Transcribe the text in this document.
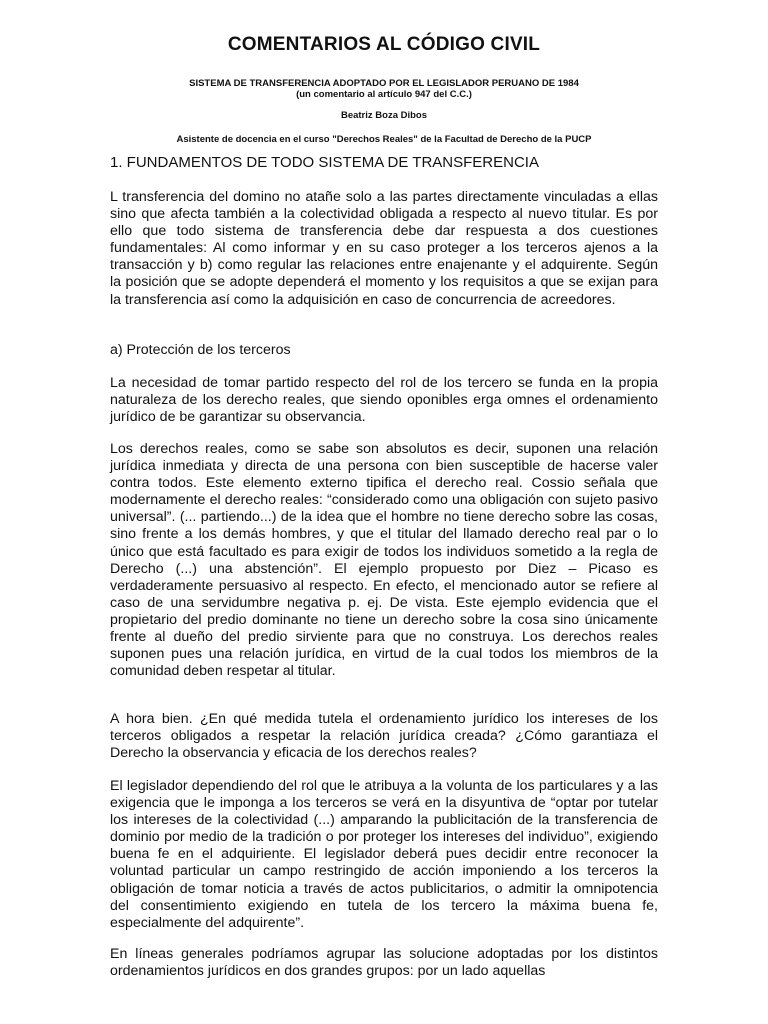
COMENTARIOS AL CÓDIGO CIVIL
SISTEMA DE TRANSFERENCIA ADOPTADO POR EL LEGISLADOR PERUANO DE 1984
(un comentario al artículo 947 del C.C.)
Beatriz Boza Dibos
Asistente de docencia en el curso "Derechos Reales" de la Facultad de Derecho de la PUCP
1. FUNDAMENTOS DE TODO SISTEMA DE TRANSFERENCIA

L transferencia del domino no atañe solo a las partes directamente vinculadas a ellas sino que afecta también a la colectividad obligada a respecto al nuevo titular. Es por ello que todo sistema de transferencia debe dar respuesta a dos cuestiones fundamentales: Al como informar y en su caso proteger a los terceros ajenos a la transacción y b) como regular las relaciones entre enajenante y el adquirente. Según la posición que se adopte dependerá el momento y los requisitos a que se exijan para la transferencia así como la adquisición en caso de concurrencia de acreedores.

a) Protección de los terceros

La necesidad de tomar partido respecto del rol de los tercero se funda en la propia naturaleza de los derecho reales, que siendo oponibles erga omnes el ordenamiento jurídico de be garantizar su observancia.

Los derechos reales, como se sabe son absolutos es decir, suponen una relación jurídica inmediata y directa de una persona con bien susceptible de hacerse valer contra todos. Este elemento externo tipifica el derecho real. Cossio señala que modernamente el derecho reales: “considerado como una obligación con sujeto pasivo universal”. (... partiendo...) de la idea que el hombre no tiene derecho sobre las cosas, sino frente a los demás hombres, y que el titular del llamado derecho real par o lo único que está facultado es para exigir de todos los individuos sometido a la regla de Derecho (...) una abstención”. El ejemplo propuesto por Diez – Picaso es verdaderamente persuasivo al respecto. En efecto, el mencionado autor se refiere al caso de una servidumbre negativa p. ej. De vista. Este ejemplo evidencia que el propietario del predio dominante no tiene un derecho sobre la cosa sino únicamente frente al dueño del predio sirviente para que no construya. Los derechos reales suponen pues una relación jurídica, en virtud de la cual todos los miembros de la comunidad deben respetar al titular.

A hora bien. ¿En qué medida tutela el ordenamiento jurídico los intereses de los terceros obligados a respetar la relación jurídica creada? ¿Cómo garantiaza el Derecho la observancia y eficacia de los derechos reales?

El legislador dependiendo del rol que le atribuya a la volunta de los particulares y a las exigencia que le imponga a los terceros se verá en la disyuntiva de “optar por tutelar los intereses de la colectividad (...) amparando la publicitación de la transferencia de dominio por medio de la tradición o por proteger los intereses del individuo”, exigiendo buena fe en el adquiriente. El legislador deberá pues decidir entre reconocer la voluntad particular un campo restringido de acción imponiendo a los terceros la obligación de tomar noticia a través de actos publicitarios, o admitir la omnipotencia del consentimiento exigiendo en tutela de los tercero la máxima buena fe, especialmente del adquirente”.

En líneas generales podríamos agrupar las solucione adoptadas por los distintos ordenamientos jurídicos en dos grandes grupos: por un lado aquellas
